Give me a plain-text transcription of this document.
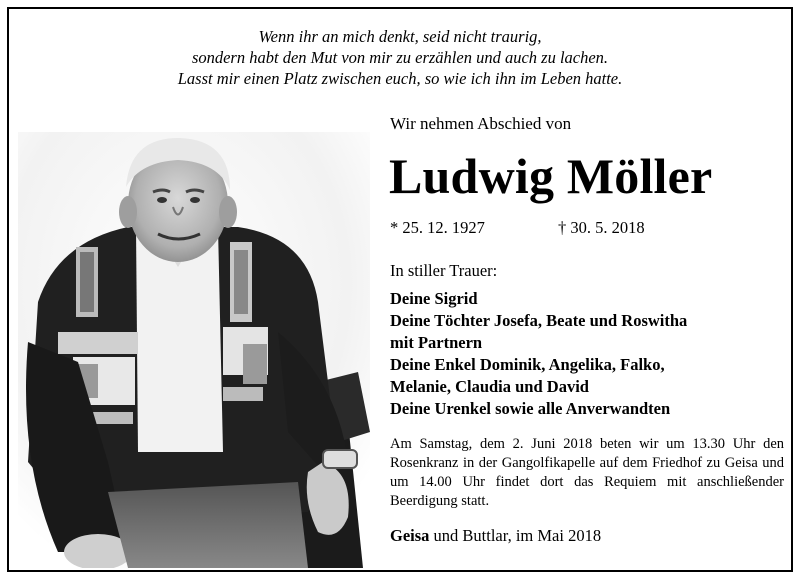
Wenn ihr an mich denkt, seid nicht traurig,
sondern habt den Mut von mir zu erzählen und auch zu lachen.
Lasst mir einen Platz zwischen euch, so wie ich ihn im Leben hatte.
Wir nehmen Abschied von
Ludwig Möller
* 25. 12. 1927	† 30. 5. 2018
In stiller Trauer:
Deine Sigrid
Deine Töchter Josefa, Beate und Roswitha
mit Partnern
Deine Enkel Dominik, Angelika, Falko,
Melanie, Claudia und David
Deine Urenkel sowie alle Anverwandten
Am Samstag, dem 2. Juni 2018 beten wir um 13.30 Uhr den Rosenkranz in der Gangolfikapelle auf dem Friedhof zu Geisa und um 14.00 Uhr findet dort das Requiem mit anschließender Beerdigung statt.
Geisa und Buttlar, im Mai 2018
